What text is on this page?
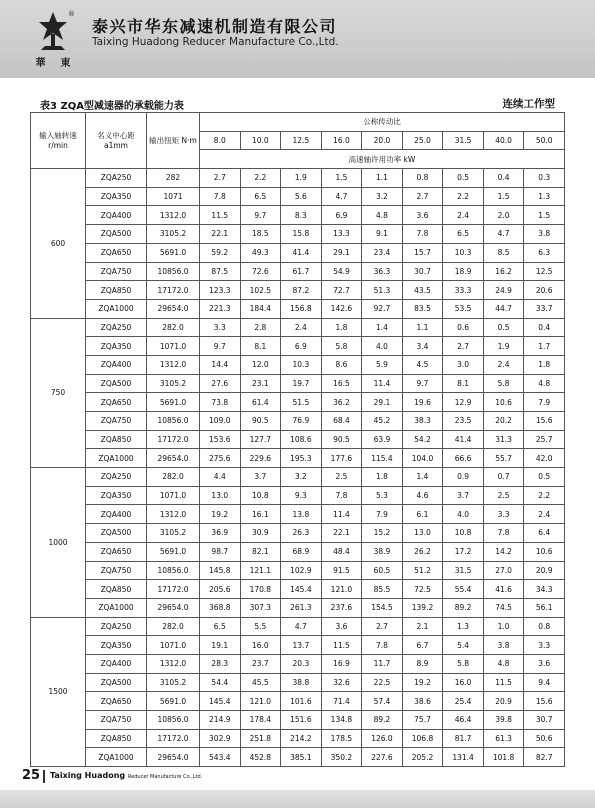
®
華 東
泰兴市华东减速机制造有限公司
Taixing Huadong Reducer Manufacture Co.,Ltd.
表3 ZQA型减速器的承载能力表	连续工作型
输入轴转速 r/min	名义中心距 a1mm	输出扭矩 N·m	公称传动比								
			8.0	10.0	12.5	16.0	20.0	25.0	31.5	40.0	50.0
			高速轴许用功率 kW								
600	ZQA250	282	2.7	2.2	1.9	1.5	1.1	0.8	0.5	0.4	0.3
	ZQA350	1071	7.8	6.5	5.6	4.7	3.2	2.7	2.2	1.5	1.3
	ZQA400	1312.0	11.5	9.7	8.3	6.9	4.8	3.6	2.4	2.0	1.5
	ZQA500	3105.2	22.1	18.5	15.8	13.3	9.1	7.8	6.5	4.7	3.8
	ZQA650	5691.0	59.2	49.3	41.4	29.1	23.4	15.7	10.3	8.5	6.3
	ZQA750	10856.0	87.5	72.6	61.7	54.9	36.3	30.7	18.9	16.2	12.5
	ZQA850	17172.0	123.3	102.5	87.2	72.7	51.3	43.5	33.3	24.9	20.6
	ZQA1000	29654.0	221.3	184.4	156.8	142.6	92.7	83.5	53.5	44.7	33.7
750	ZQA250	282.0	3.3	2.8	2.4	1.8	1.4	1.1	0.6	0.5	0.4
	ZQA350	1071.0	9.7	8.1	6.9	5.8	4.0	3.4	2.7	1.9	1.7
	ZQA400	1312.0	14.4	12.0	10.3	8.6	5.9	4.5	3.0	2.4	1.8
	ZQA500	3105.2	27.6	23.1	19.7	16.5	11.4	9.7	8.1	5.8	4.8
	ZQA650	5691.0	73.8	61.4	51.5	36.2	29.1	19.6	12.9	10.6	7.9
	ZQA750	10856.0	109.0	90.5	76.9	68.4	45.2	38.3	23.5	20.2	15.6
	ZQA850	17172.0	153.6	127.7	108.6	90.5	63.9	54.2	41.4	31.3	25.7
	ZQA1000	29654.0	275.6	229.6	195.3	177.6	115.4	104.0	66.6	55.7	42.0
1000	ZQA250	282.0	4.4	3.7	3.2	2.5	1.8	1.4	0.9	0.7	0.5
	ZQA350	1071.0	13.0	10.8	9.3	7.8	5.3	4.6	3.7	2.5	2.2
	ZQA400	1312.0	19.2	16.1	13.8	11.4	7.9	6.1	4.0	3.3	2.4
	ZQA500	3105.2	36.9	30.9	26.3	22.1	15.2	13.0	10.8	7.8	6.4
	ZQA650	5691.0	98.7	82.1	68.9	48.4	38.9	26.2	17.2	14.2	10.6
	ZQA750	10856.0	145.8	121.1	102.9	91.5	60.5	51.2	31.5	27.0	20.9
	ZQA850	17172.0	205.6	170.8	145.4	121.0	85.5	72.5	55.4	41.6	34.3
	ZQA1000	29654.0	368.8	307.3	261.3	237.6	154.5	139.2	89.2	74.5	56.1
1500	ZQA250	282.0	6.5	5.5	4.7	3.6	2.7	2.1	1.3	1.0	0.8
	ZQA350	1071.0	19.1	16.0	13.7	11.5	7.8	6.7	5.4	3.8	3.3
	ZQA400	1312.0	28.3	23.7	20.3	16.9	11.7	8.9	5.8	4.8	3.6
	ZQA500	3105.2	54.4	45.5	38.8	32.6	22.5	19.2	16.0	11.5	9.4
	ZQA650	5691.0	145.4	121.0	101.6	71.4	57.4	38.6	25.4	20.9	15.6
	ZQA750	10856.0	214.9	178.4	151.6	134.8	89.2	75.7	46.4	39.8	30.7
	ZQA850	17172.0	302.9	251.8	214.2	178.5	126.0	106.8	81.7	61.3	50.6
	ZQA1000	29654.0	543.4	452.8	385.1	350.2	227.6	205.2	131.4	101.8	82.7
25 Taixing Huadong Reducer Manufacture Co.,Ltd.
